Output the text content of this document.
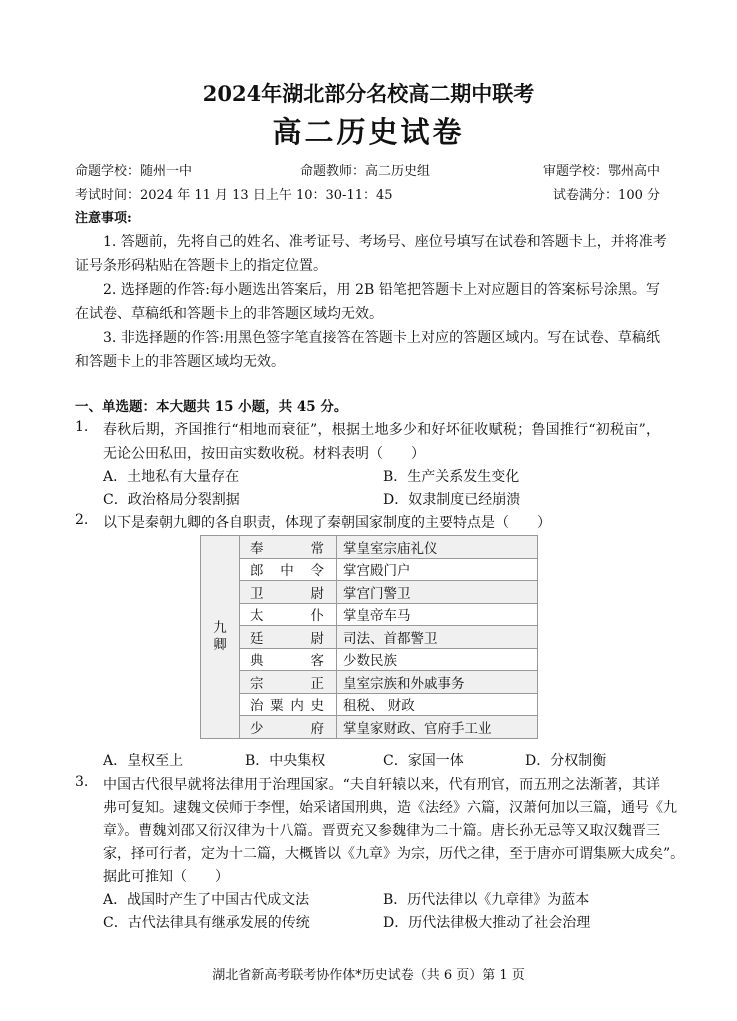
2024年湖北部分名校高二期中联考
高二历史试卷
命题学校：随州一中	命题教师：高二历史组	审题学校：鄂州高中
考试时间：2024 年 11 月 13 日上午 10：30-11：45	试卷满分：100 分
注意事项:
1. 答题前，先将自己的姓名、准考证号、考场号、座位号填写在试卷和答题卡上，并将准考
证号条形码粘贴在答题卡上的指定位置。
2. 选择题的作答:每小题选出答案后，用 2B 铅笔把答题卡上对应题目的答案标号涂黑。写
在试卷、草稿纸和答题卡上的非答题区域均无效。
3. 非选择题的作答:用黑色签字笔直接答在答题卡上对应的答题区域内。写在试卷、草稿纸
和答题卡上的非答题区域均无效。
一、单选题：本大题共 15 小题，共 45 分。
1. 春秋后期，齐国推行“相地而衰征”，根据土地多少和好坏征收赋税；鲁国推行“初税亩”，
无论公田私田，按田亩实数收税。材料表明（　　）
A．土地私有大量存在	B．生产关系发生变化
C．政治格局分裂割据	D．奴隶制度已经崩溃
2. 以下是秦朝九卿的各自职责，体现了秦朝国家制度的主要特点是（　　）
九卿	奉常	掌皇室宗庙礼仪
	郎中令	掌宫殿门户
	卫尉	掌宫门警卫
	太仆	掌皇帝车马
	廷尉	司法、首都警卫
	典客	少数民族
	宗正	皇室宗族和外戚事务
	治粟内史	租税、 财政
	少府	掌皇家财政、官府手工业
A．皇权至上	B．中央集权	C．家国一体	D．分权制衡
3. 中国古代很早就将法律用于治理国家。“夫自轩辕以来，代有刑官，而五刑之法渐著，其详
弗可复知。逮魏文侯师于李悝，始采诸国刑典，造《法经》六篇，汉萧何加以三篇，通号《九
章》。曹魏刘邵又衍汉律为十八篇。晋贾充又参魏律为二十篇。唐长孙无忌等又取汉魏晋三
家，择可行者，定为十二篇，大概皆以《九章》为宗，历代之律，至于唐亦可谓集厥大成矣”。
据此可推知（　　）
A．战国时产生了中国古代成文法	B．历代法律以《九章律》为蓝本
C．古代法律具有继承发展的传统	D．历代法律极大推动了社会治理
湖北省新高考联考协作体*历史试卷（共 6 页）第 1 页
